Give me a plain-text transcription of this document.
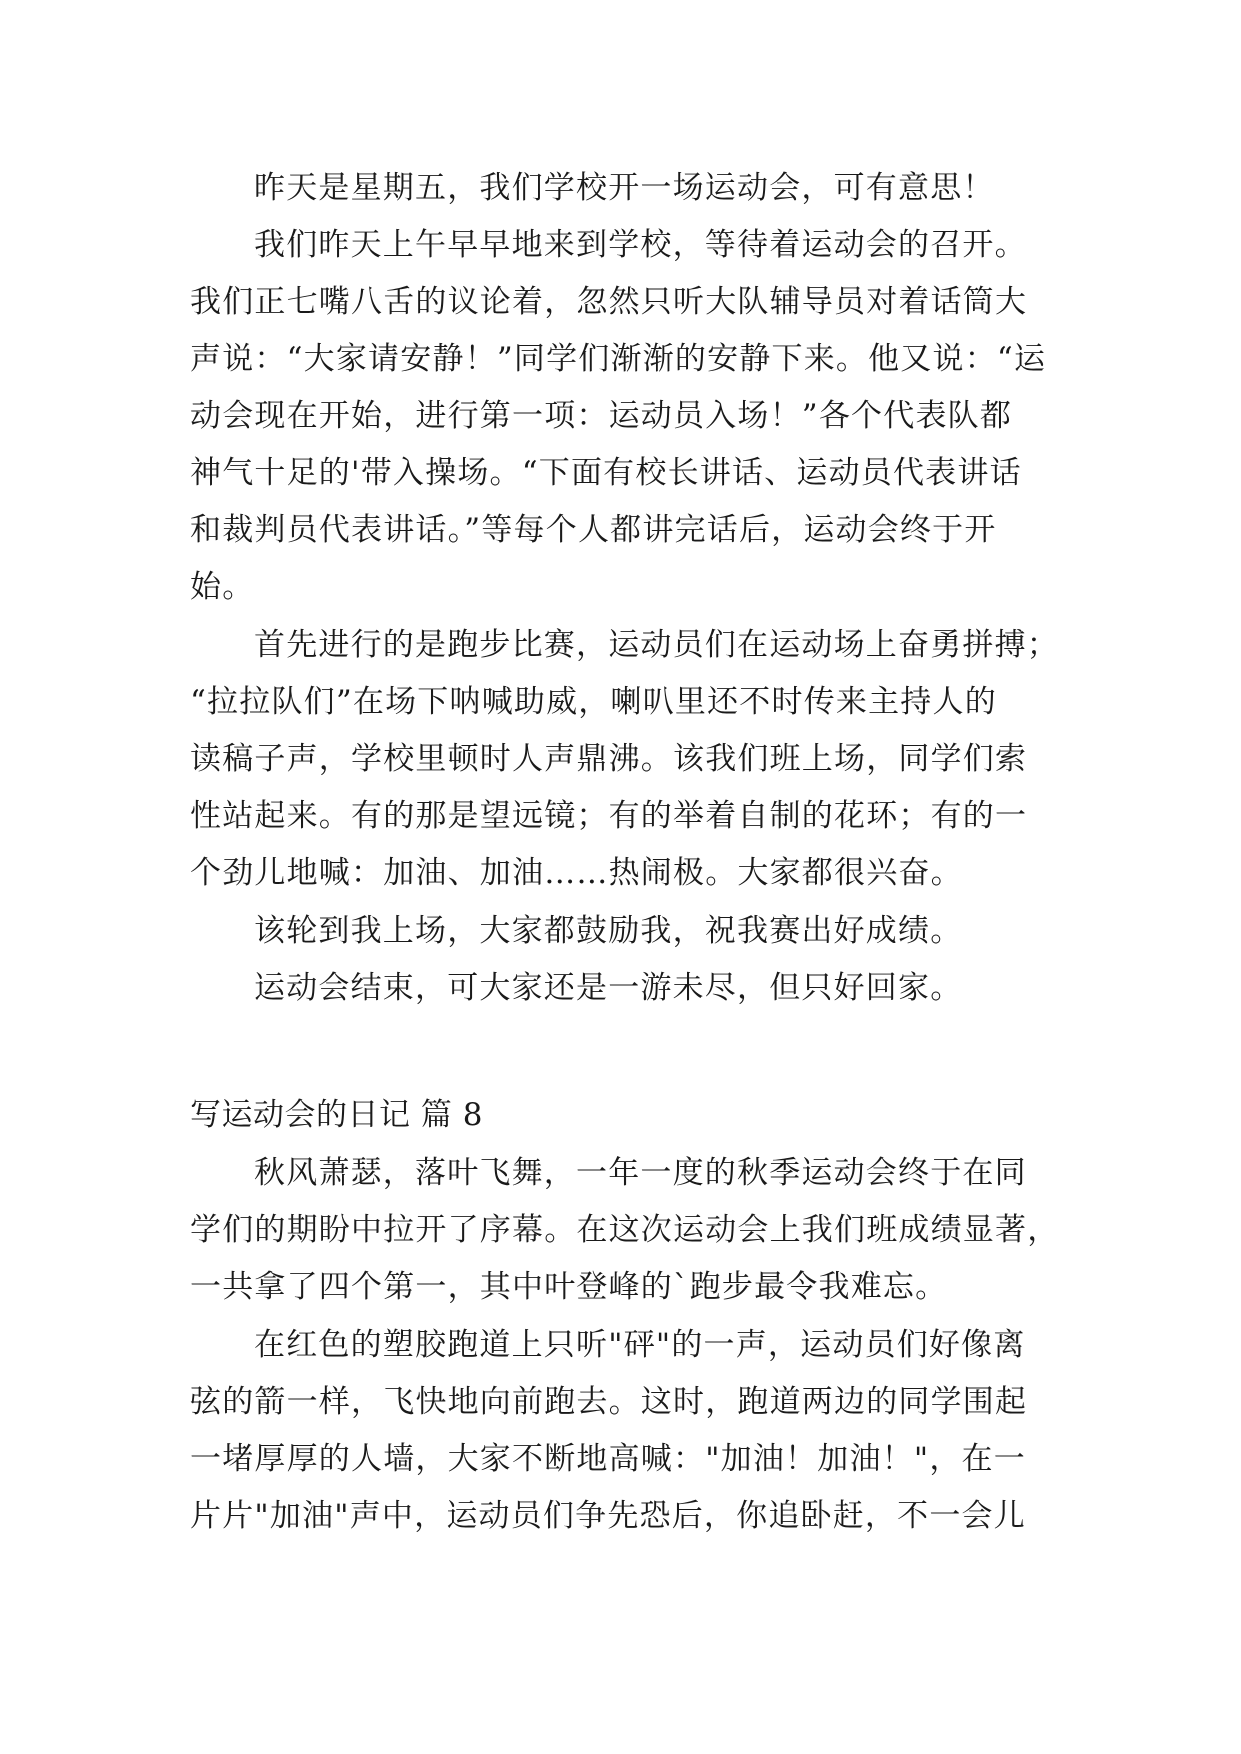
昨天是星期五，我们学校开一场运动会，可有意思！
我们昨天上午早早地来到学校，等待着运动会的召开。
我们正七嘴八舌的议论着，忽然只听大队辅导员对着话筒大
声说：“大家请安静！”同学们渐渐的安静下来。他又说：“运
动会现在开始，进行第一项：运动员入场！”各个代表队都
神气十足的'带入操场。“下面有校长讲话、运动员代表讲话
和裁判员代表讲话。”等每个人都讲完话后，运动会终于开
始。
首先进行的是跑步比赛，运动员们在运动场上奋勇拼搏；
“拉拉队们”在场下呐喊助威，喇叭里还不时传来主持人的
读稿子声，学校里顿时人声鼎沸。该我们班上场，同学们索
性站起来。有的那是望远镜；有的举着自制的花环；有的一
个劲儿地喊：加油、加油……热闹极。大家都很兴奋。
该轮到我上场，大家都鼓励我，祝我赛出好成绩。
运动会结束，可大家还是一游未尽，但只好回家。
写运动会的日记 篇 8
秋风萧瑟，落叶飞舞，一年一度的秋季运动会终于在同
学们的期盼中拉开了序幕。在这次运动会上我们班成绩显著，
一共拿了四个第一，其中叶登峰的`跑步最令我难忘。
在红色的塑胶跑道上只听"砰"的一声，运动员们好像离
弦的箭一样，飞快地向前跑去。这时，跑道两边的同学围起
一堵厚厚的人墙，大家不断地高喊："加油！加油！"，在一
片片"加油"声中，运动员们争先恐后，你追卧赶，不一会儿
